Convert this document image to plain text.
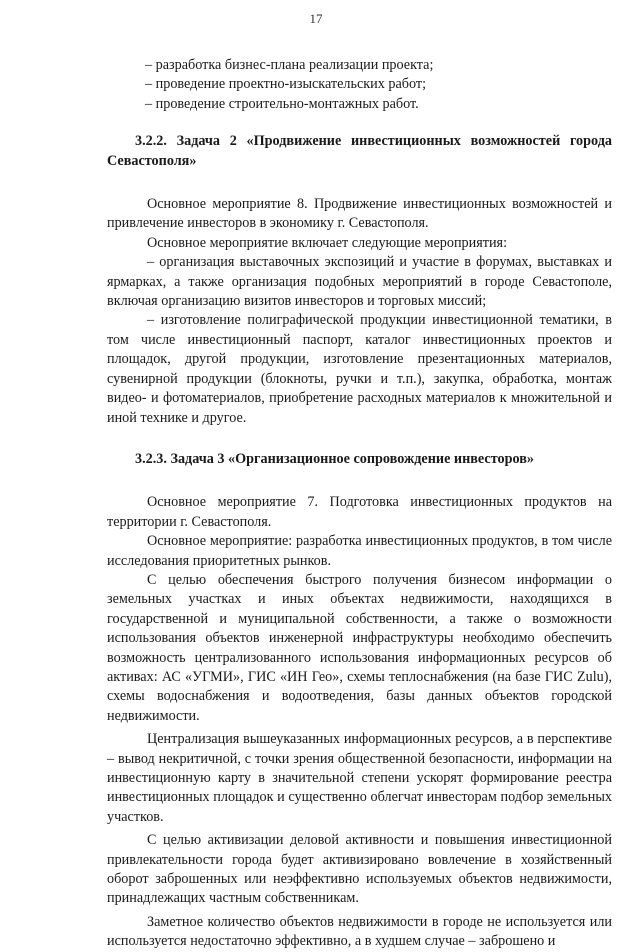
17
– разработка бизнес-плана реализации проекта;
– проведение проектно-изыскательских работ;
– проведение строительно-монтажных работ.
3.2.2. Задача 2 «Продвижение инвестиционных возможностей города Севастополя»

Основное мероприятие 8. Продвижение инвестиционных возможностей и привлечение инвесторов в экономику г. Севастополя.

Основное мероприятие включает следующие мероприятия:

– организация выставочных экспозиций и участие в форумах, выставках и ярмарках, а также организация подобных мероприятий в городе Севастополе, включая организацию визитов инвесторов и торговых миссий;

– изготовление полиграфической продукции инвестиционной тематики, в том числе инвестиционный паспорт, каталог инвестиционных проектов и площадок, другой продукции, изготовление презентационных материалов, сувенирной продукции (блокноты, ручки и т.п.), закупка, обработка, монтаж видео- и фотоматериалов, приобретение расходных материалов к множительной и иной технике и другое.

3.2.3. Задача 3 «Организационное сопровождение инвесторов»

Основное мероприятие 7. Подготовка инвестиционных продуктов на территории г. Севастополя.

Основное мероприятие: разработка инвестиционных продуктов, в том числе исследования приоритетных рынков.

С целью обеспечения быстрого получения бизнесом информации о земельных участках и иных объектах недвижимости, находящихся в государственной и муниципальной собственности, а также о возможности использования объектов инженерной инфраструктуры необходимо обеспечить возможность централизованного использования информационных ресурсов об активах: АС «УГМИ», ГИС «ИН Гео», схемы теплоснабжения (на базе ГИС Zulu), схемы водоснабжения и водоотведения, базы данных объектов городской недвижимости.

Централизация вышеуказанных информационных ресурсов, а в перспективе – вывод некритичной, с точки зрения общественной безопасности, информации на инвестиционную карту в значительной степени ускорят формирование реестра инвестиционных площадок и существенно облегчат инвесторам подбор земельных участков.

С целью активизации деловой активности и повышения инвестиционной привлекательности города будет активизировано вовлечение в хозяйственный оборот заброшенных или неэффективно используемых объектов недвижимости, принадлежащих частным собственникам.

Заметное количество объектов недвижимости в городе не используется или используется недостаточно эффективно, а в худшем случае – заброшено и
